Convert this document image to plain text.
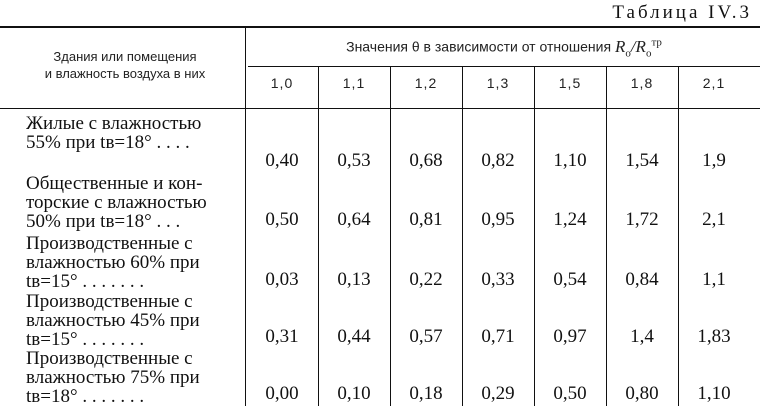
Таблица IV.3
Здания или помещения
и влажность воздуха в них
Значения θ в зависимости от отношения $R_o/R_o^{тр}$
1,0	1,1	1,2	1,3	1,5	1,8	2,1
Жилые с влажностью
55% при tв=18° . . . .
0,40	0,53	0,68	0,82	1,10	1,54	1,9
Общественные и кон-
торские с влажностью
50% при tв=18° . . .	0,50	0,64	0,81	0,95	1,24	1,72	2,1
Производственные с
влажностью 60% при
tв=15° . . . . . . .	0,03	0,13	0,22	0,33	0,54	0,84	1,1
Производственные с
влажностью 45% при
tв=15° . . . . . . .	0,31	0,44	0,57	0,71	0,97	1,4	1,83
Производственные с
влажностью 75% при
tв=18° . . . . . . .	0,00	0,10	0,18	0,29	0,50	0,80	1,10
